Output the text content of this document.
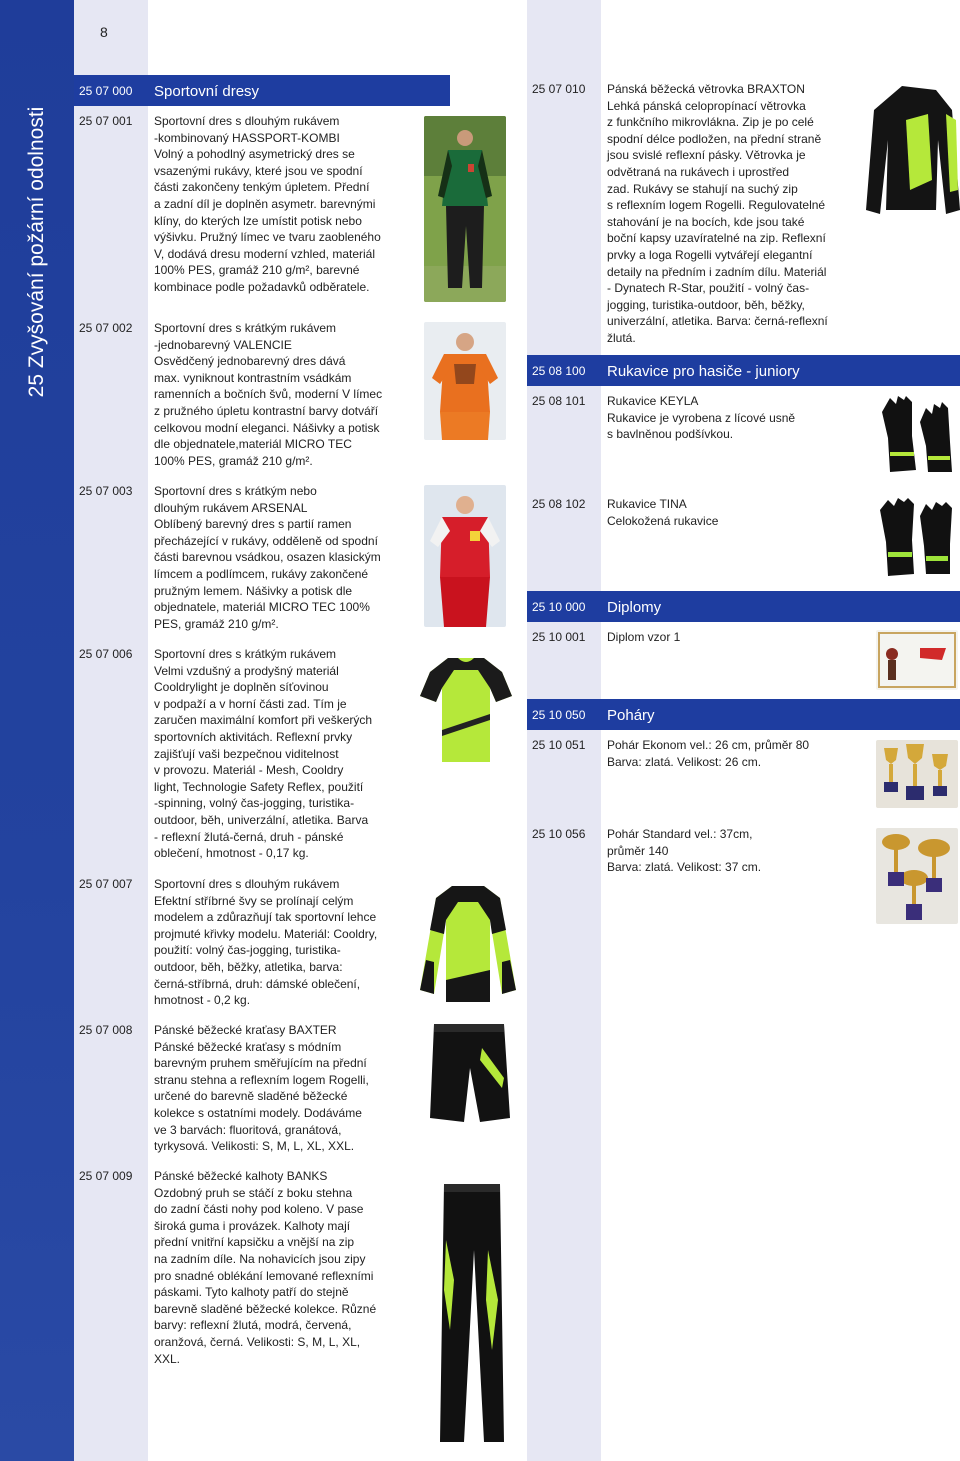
25 Zvyšování požární odolnosti
8
25 07 000 Sportovní dresy
25 08 100 Rukavice pro hasiče - juniory
25 10 000 Diplomy
25 10 050 Poháry
25 07 001 Sportovní dres s dlouhým rukávem

-kombinovaný HASSPORT-KOMBI

Volný a pohodlný asymetrický dres se

vsazenými rukávy, které jsou ve spodní

části zakončeny tenkým úpletem. Přední

a zadní díl je doplněn asymetr. barevnými

klíny, do kterých lze umístit potisk nebo

výšivku. Pružný límec ve tvaru zaobleného

V, dodává dresu moderní vzhled, materiál

100% PES, gramáž 210 g/m², barevné

kombinace podle požadavků odběratele.

25 07 002 Sportovní dres s krátkým rukávem

-jednobarevný VALENCIE

Osvědčený jednobarevný dres dává

max. vyniknout kontrastním vsádkám

ramenních a bočních švů, moderní V límec

z pružného úpletu kontrastní barvy dotváří

celkovou modní eleganci. Nášivky a potisk

dle objednatele,materiál MICRO TEC

100% PES, gramáž 210 g/m².

25 07 003 Sportovní dres s krátkým nebo

dlouhým rukávem ARSENAL

Oblíbený barevný dres s partií ramen

přecházející v rukávy, odděleně od spodní

části barevnou vsádkou, osazen klasickým

límcem a podlímcem, rukávy zakončené

pružným lemem. Nášivky a potisk dle

objednatele, materiál MICRO TEC 100%

PES, gramáž 210 g/m².

25 07 006 Sportovní dres s krátkým rukávem

Velmi vzdušný a prodyšný materiál

Cooldrylight je doplněn síťovinou

v podpaží a v horní části zad. Tím je

zaručen maximální komfort při veškerých

sportovních aktivitách. Reflexní prvky

zajišťují vaši bezpečnou viditelnost

v provozu. Materiál - Mesh, Cooldry

light, Technologie Safety Reflex, použití

-spinning, volný čas-jogging, turistika-

outdoor, běh, univerzální, atletika. Barva

- reflexní žlutá-černá, druh - pánské

oblečení, hmotnost - 0,17 kg.

25 07 007 Sportovní dres s dlouhým rukávem

Efektní stříbrné švy se prolínají celým

modelem a zdůrazňují tak sportovní lehce

projmuté křivky modelu. Materiál: Cooldry,

použití: volný čas-jogging, turistika-

outdoor, běh, běžky, atletika, barva:

černá-stříbrná, druh: dámské oblečení,

hmotnost - 0,2 kg.

25 07 008 Pánské běžecké kraťasy BAXTER

Pánské běžecké kraťasy s módním

barevným pruhem směřujícím na přední

stranu stehna a reflexním logem Rogelli,

určené do barevně sladěné běžecké

kolekce s ostatními modely. Dodáváme

ve 3 barvách: fluoritová, granátová,

tyrkysová. Velikosti: S, M, L, XL, XXL.

25 07 009 Pánské běžecké kalhoty BANKS

Ozdobný pruh se stáčí z boku stehna

do zadní části nohy pod koleno. V pase

široká guma i provázek. Kalhoty mají

přední vnitřní kapsičku a vnější na zip

na zadním díle. Na nohavicích jsou zipy

pro snadné oblékání lemované reflexními

páskami. Tyto kalhoty patří do stejně

barevně sladěné běžecké kolekce. Různé

barvy: reflexní žlutá, modrá, červená,

oranžová, černá. Velikosti: S, M, L, XL,

XXL.

25 07 010 Pánská běžecká větrovka BRAXTON

Lehká pánská celopropínací větrovka

z funkčního mikrovlákna. Zip je po celé

spodní délce podložen, na přední straně

jsou svislé reflexní pásky. Větrovka je

odvětraná na rukávech i uprostřed

zad. Rukávy se stahují na suchý zip

s reflexním logem Rogelli. Regulovatelné

stahování je na bocích, kde jsou také

boční kapsy uzavíratelné na zip. Reflexní

prvky a loga Rogelli vytvářejí elegantní

detaily na předním i zadním dílu. Materiál

- Dynatech R-Star, použití - volný čas-

jogging, turistika-outdoor, běh, běžky,

univerzální, atletika. Barva: černá-reflexní

žlutá.

25 08 101 Rukavice KEYLA

Rukavice je vyrobena z lícové usně

s bavlněnou podšívkou.

25 08 102 Rukavice TINA

Celokožená rukavice

25 10 001 Diplom vzor 1

25 10 051 Pohár Ekonom vel.: 26 cm, průměr 80

Barva: zlatá. Velikost: 26 cm.

25 10 056 Pohár Standard vel.: 37cm,

průměr 140

Barva: zlatá. Velikost: 37 cm.
